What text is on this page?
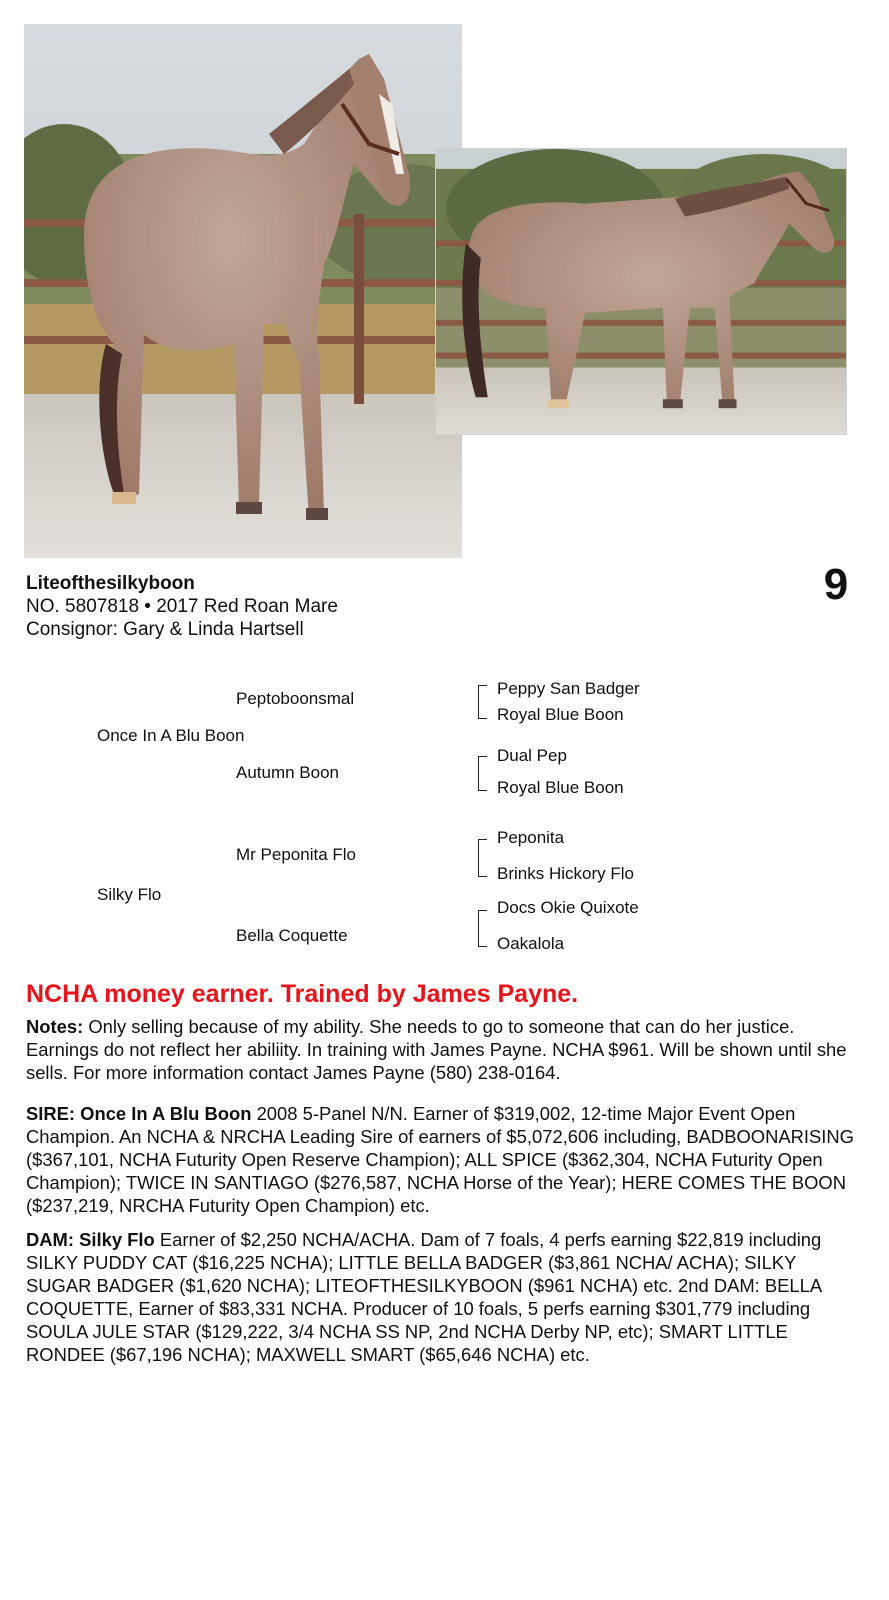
Liteofthesilkyboon
NO. 5807818 • 2017 Red Roan Mare
Consignor: Gary & Linda Hartsell
9
Once In A Blu Boon
Peptoboonsmal
Autumn Boon
Peppy San Badger
Royal Blue Boon
Dual Pep
Royal Blue Boon
Silky Flo
Mr Peponita Flo
Bella Coquette
Peponita
Brinks Hickory Flo
Docs Okie Quixote
Oakalola
NCHA money earner. Trained by James Payne.
Notes: Only selling because of my ability. She needs to go to someone that can do her justice. Earnings do not reflect her abiliity. In training with James Payne. NCHA $961. Will be shown until she sells. For more information contact James Payne (580) 238-0164.
SIRE: Once In A Blu Boon 2008 5-Panel N/N. Earner of $319,002, 12-time Major Event Open Champion. An NCHA & NRCHA Leading Sire of earners of $5,072,606 including, BADBOONARISING ($367,101, NCHA Futurity Open Reserve Champion); ALL SPICE ($362,304, NCHA Futurity Open Champion); TWICE IN SANTIAGO ($276,587, NCHA Horse of the Year); HERE COMES THE BOON ($237,219, NRCHA Futurity Open Champion) etc.
DAM: Silky Flo Earner of $2,250 NCHA/ACHA. Dam of 7 foals, 4 perfs earning $22,819 including SILKY PUDDY CAT ($16,225 NCHA); LITTLE BELLA BADGER ($3,861 NCHA/ ACHA); SILKY SUGAR BADGER ($1,620 NCHA); LITEOFTHESILKYBOON ($961 NCHA) etc. 2nd DAM: BELLA COQUETTE, Earner of $83,331 NCHA. Producer of 10 foals, 5 perfs earning $301,779 including SOULA JULE STAR ($129,222, 3/4 NCHA SS NP, 2nd NCHA Derby NP, etc); SMART LITTLE RONDEE ($67,196 NCHA); MAXWELL SMART ($65,646 NCHA) etc.
